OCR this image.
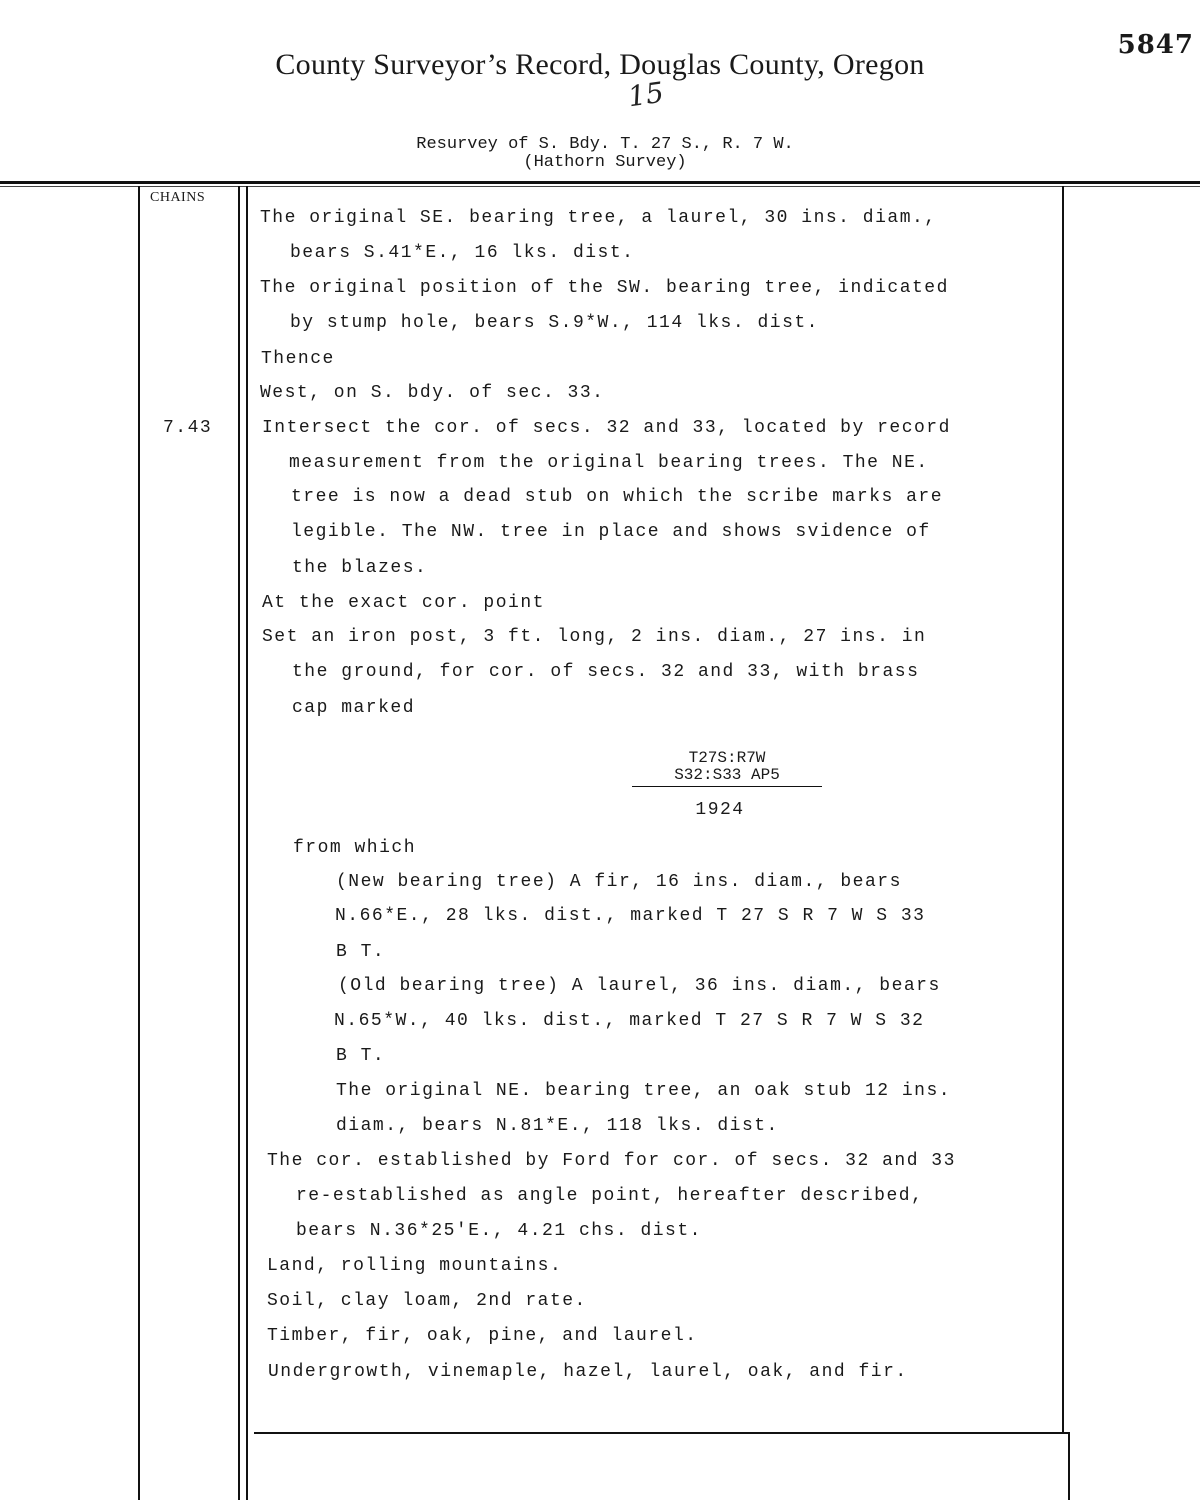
5847
County Surveyor’s Record, Douglas County, Oregon
15
Resurvey of S. Bdy. T. 27 S., R. 7 W.
(Hathorn Survey)
CHAINS
7.43
The original SE. bearing tree, a laurel, 30 ins. diam.,
bears S.41*E., 16 lks. dist.
The original position of the SW. bearing tree, indicated
by stump hole, bears S.9*W., 114 lks. dist.
Thence
West, on S. bdy. of sec. 33.
Intersect the cor. of secs. 32 and 33, located by record
measurement from the original bearing trees. The NE.
tree is now a dead stub on which the scribe marks are
legible. The NW. tree in place and shows svidence of
the blazes.
At the exact cor. point
Set an iron post, 3 ft. long, 2 ins. diam., 27 ins. in
the ground, for cor. of secs. 32 and 33, with brass
cap marked
T27S:R7W
S32:S33 AP5
1924
from which
(New bearing tree) A fir, 16 ins. diam., bears
N.66*E., 28 lks. dist., marked T 27 S R 7 W S 33
B T.
(Old bearing tree) A laurel, 36 ins. diam., bears
N.65*W., 40 lks. dist., marked T 27 S R 7 W S 32
B T.
The original NE. bearing tree, an oak stub 12 ins.
diam., bears N.81*E., 118 lks. dist.
The cor. established by Ford for cor. of secs. 32 and 33
re-established as angle point, hereafter described,
bears N.36*25'E., 4.21 chs. dist.
Land, rolling mountains.
Soil, clay loam, 2nd rate.
Timber, fir, oak, pine, and laurel.
Undergrowth, vinemaple, hazel, laurel, oak, and fir.
